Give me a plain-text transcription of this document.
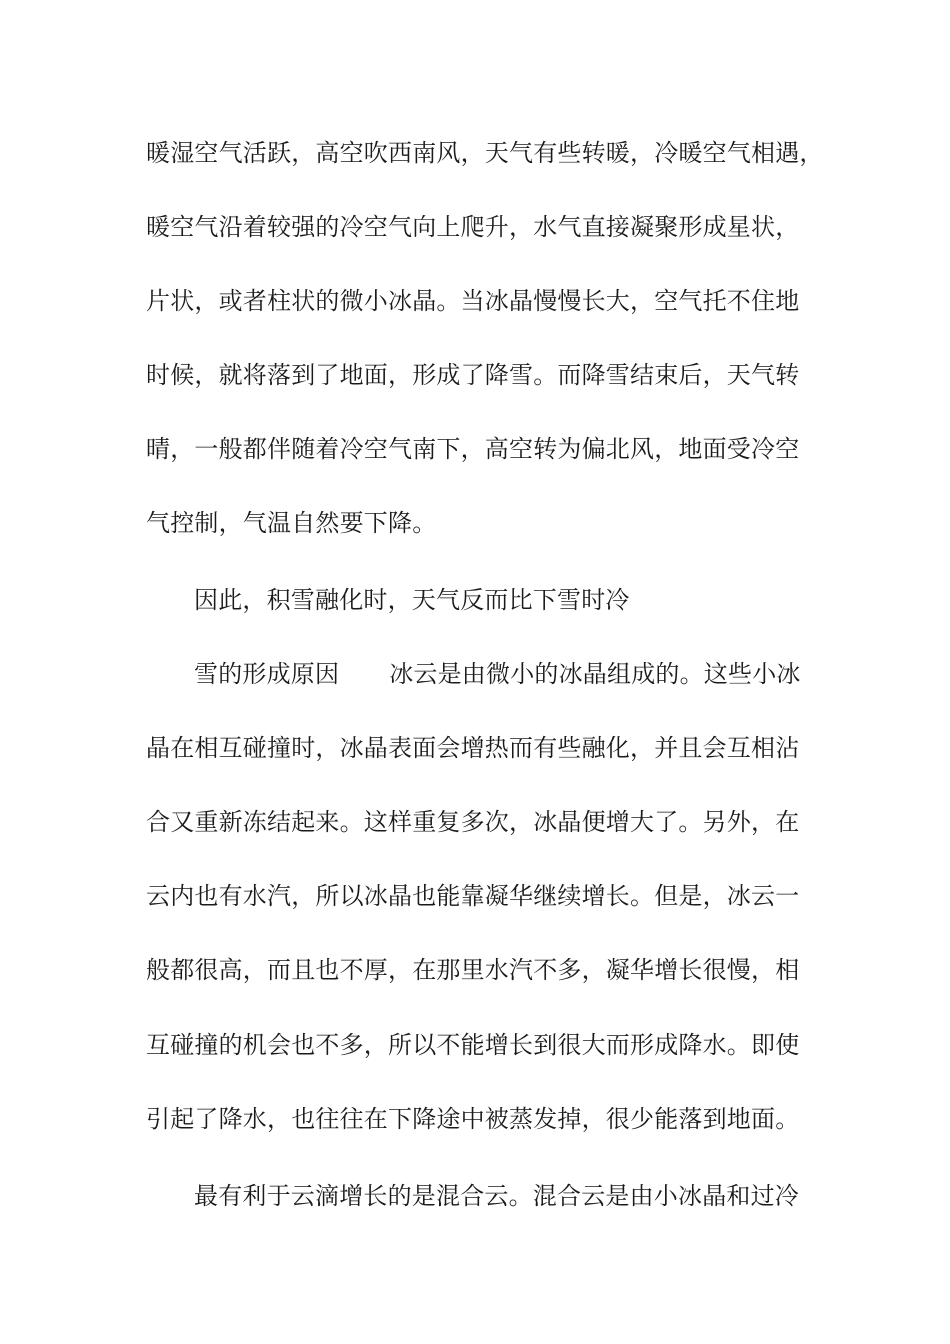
暖湿空气活跃，高空吹西南风，天气有些转暖，冷暖空气相遇，
暖空气沿着较强的冷空气向上爬升，水气直接凝聚形成星状，
片状，或者柱状的微小冰晶。当冰晶慢慢长大，空气托不住地
时候，就将落到了地面，形成了降雪。而降雪结束后，天气转
晴，一般都伴随着冷空气南下，高空转为偏北风，地面受冷空
气控制，气温自然要下降。
因此，积雪融化时，天气反而比下雪时冷
雪的形成原因 冰云是由微小的冰晶组成的。这些小冰
晶在相互碰撞时，冰晶表面会增热而有些融化，并且会互相沾
合又重新冻结起来。这样重复多次，冰晶便增大了。另外，在
云内也有水汽，所以冰晶也能靠凝华继续增长。但是，冰云一
般都很高，而且也不厚，在那里水汽不多，凝华增长很慢，相
互碰撞的机会也不多，所以不能增长到很大而形成降水。即使
引起了降水，也往往在下降途中被蒸发掉，很少能落到地面。
最有利于云滴增长的是混合云。混合云是由小冰晶和过冷
